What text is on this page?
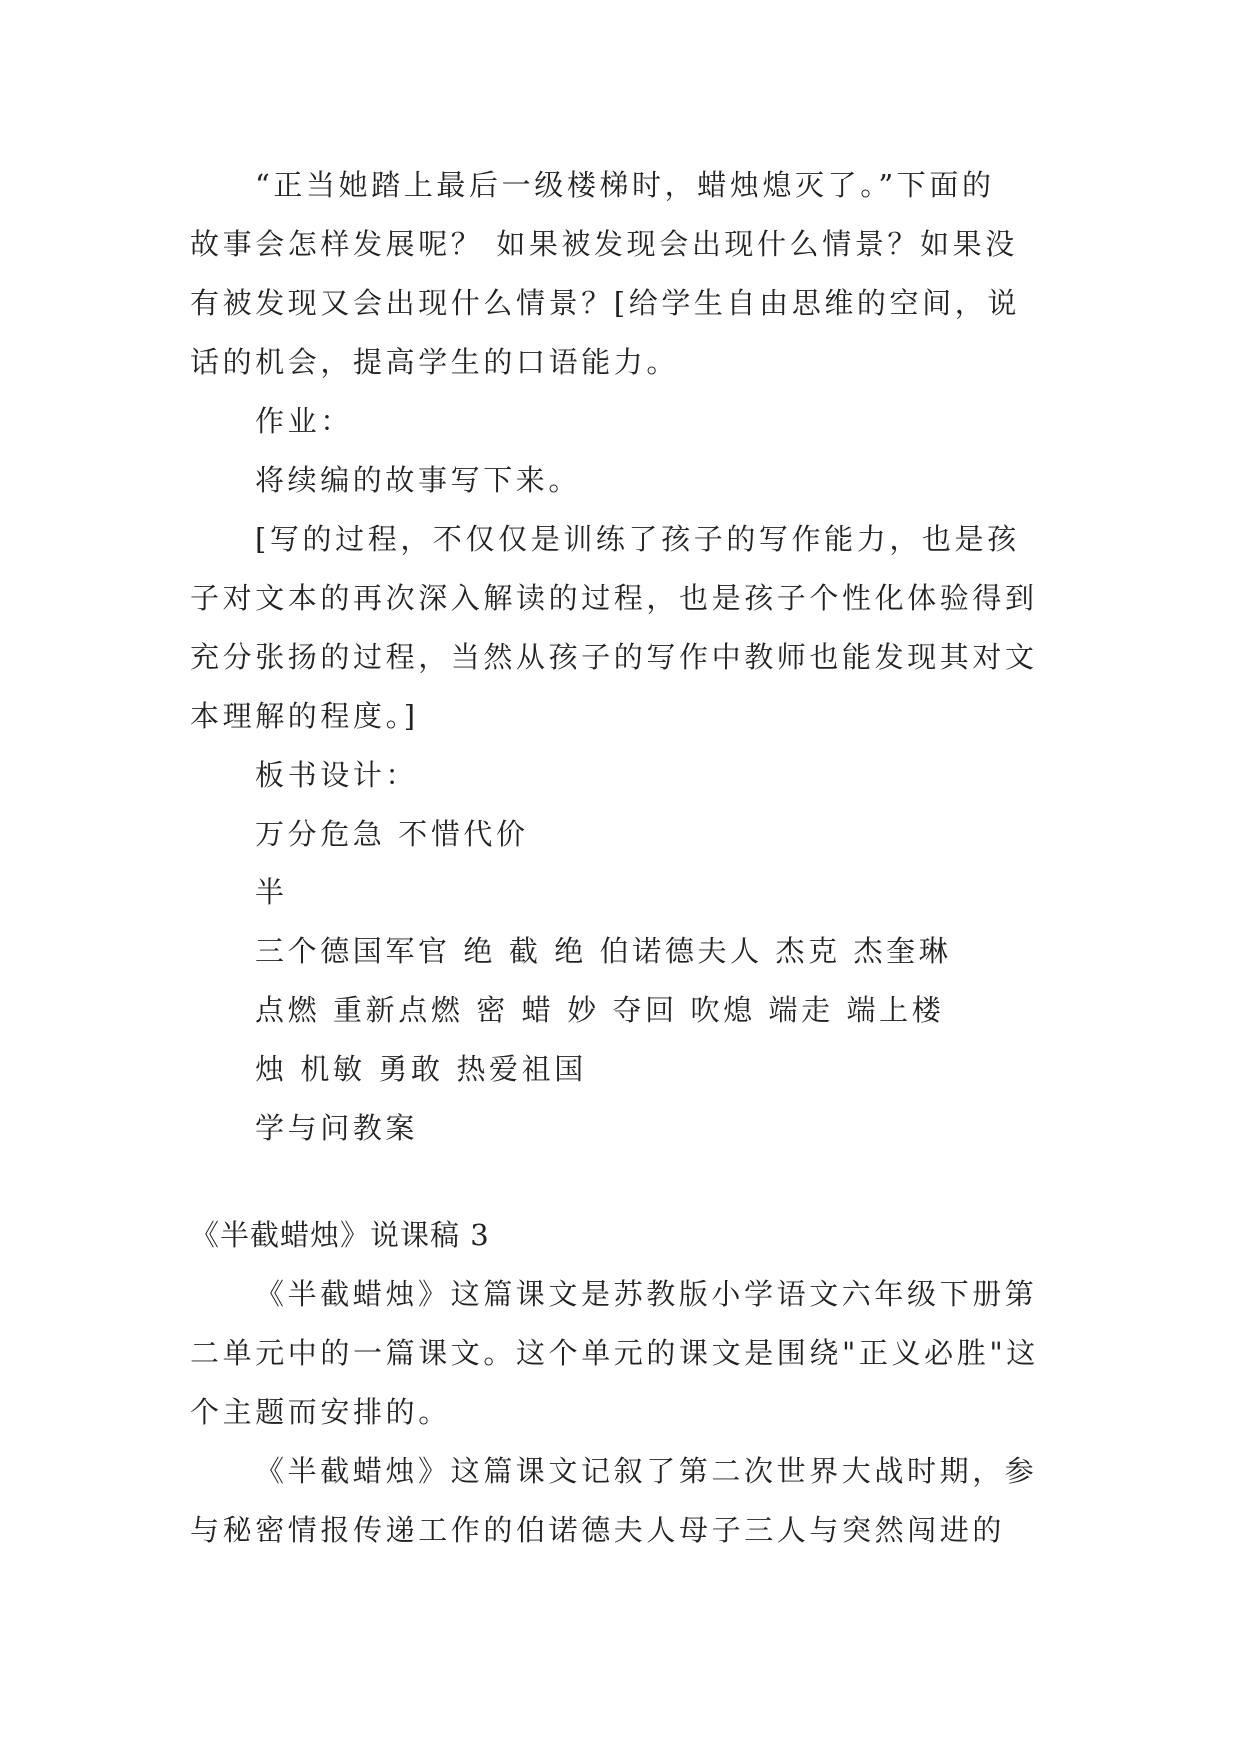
“正当她踏上最后一级楼梯时，蜡烛熄灭了。”下面的
故事会怎样发展呢？ 如果被发现会出现什么情景？如果没
有被发现又会出现什么情景？[给学生自由思维的空间，说
话的机会，提高学生的口语能力。
作业：
将续编的故事写下来。
[写的过程，不仅仅是训练了孩子的写作能力，也是孩
子对文本的再次深入解读的过程，也是孩子个性化体验得到
充分张扬的过程，当然从孩子的写作中教师也能发现其对文
本理解的程度。]
板书设计：
万分危急 不惜代价
半
三个德国军官 绝 截 绝 伯诺德夫人 杰克 杰奎琳
点燃 重新点燃 密 蜡 妙 夺回 吹熄 端走 端上楼
烛 机敏 勇敢 热爱祖国
学与问教案
《半截蜡烛》说课稿 3
《半截蜡烛》这篇课文是苏教版小学语文六年级下册第
二单元中的一篇课文。这个单元的课文是围绕"正义必胜"这
个主题而安排的。
《半截蜡烛》这篇课文记叙了第二次世界大战时期，参
与秘密情报传递工作的伯诺德夫人母子三人与突然闯进的
